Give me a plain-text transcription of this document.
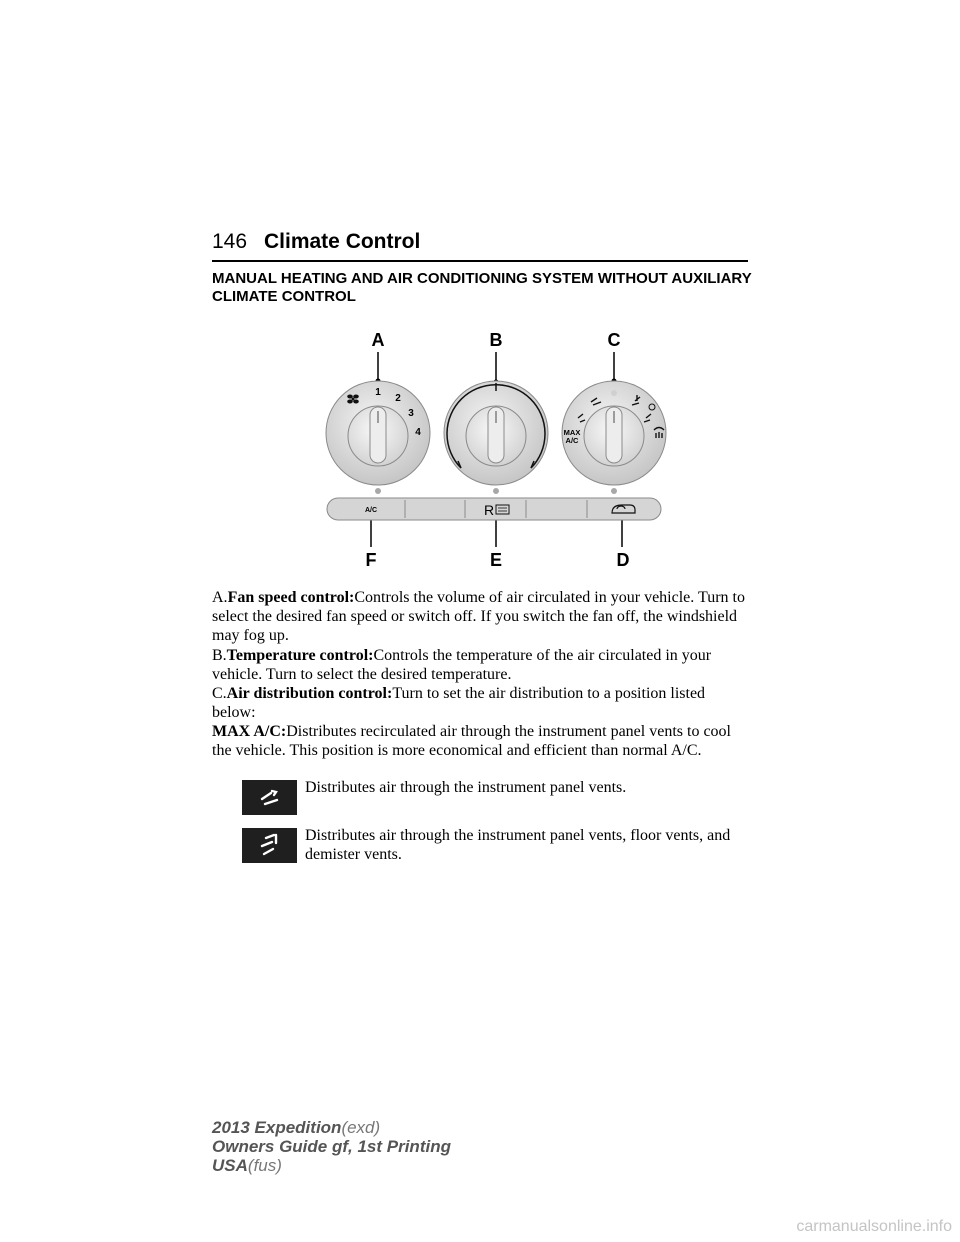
146 Climate Control
MANUAL HEATING AND AIR CONDITIONING SYSTEM WITHOUT AUXILIARY CLIMATE CONTROL
A	B	C
F	E	D
1
2
3
4	MAX
A/C
A/C	R

A.Fan speed control:Controls the volume of air circulated in your vehicle. Turn to select the desired fan speed or switch off. If you switch the fan off, the windshield may fog up.

B.Temperature control:Controls the temperature of the air circulated in your vehicle. Turn to select the desired temperature.

C.Air distribution control:Turn to set the air distribution to a position listed below:

MAX A/C:Distributes recirculated air through the instrument panel vents to cool the vehicle. This position is more economical and efficient than normal A/C.

Distributes air through the instrument panel vents.

Distributes air through the instrument panel vents, floor vents, and demister vents.

2013 Expedition(exd)
Owners Guide gf, 1st Printing
USA(fus)
carmanualsonline.info
